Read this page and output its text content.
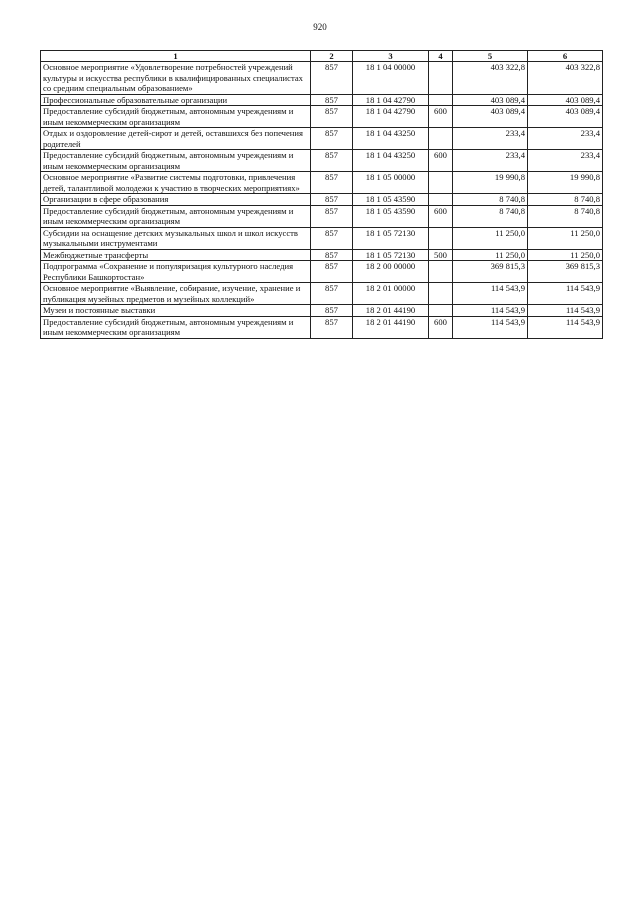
920
1	2	3	4	5	6
Основное мероприятие «Удовлетворение потребностей учреждений культуры и искусства республики в квалифицированных специалистах со средним специальным образованием»	857	18 1 04 00000		403 322,8	403 322,8
Профессиональные образовательные организации	857	18 1 04 42790		403 089,4	403 089,4
Предоставление субсидий бюджетным, автономным учреждениям и иным некоммерческим организациям	857	18 1 04 42790	600	403 089,4	403 089,4
Отдых и оздоровление детей-сирот и детей, оставшихся без попечения родителей	857	18 1 04 43250		233,4	233,4
Предоставление субсидий бюджетным, автономным учреждениям и иным некоммерческим организациям	857	18 1 04 43250	600	233,4	233,4
Основное мероприятие «Развитие системы подготовки, привлечения детей, талантливой молодежи к участию в творческих мероприятиях»	857	18 1 05 00000		19 990,8	19 990,8
Организации в сфере образования	857	18 1 05 43590		8 740,8	8 740,8
Предоставление субсидий бюджетным, автономным учреждениям и иным некоммерческим организациям	857	18 1 05 43590	600	8 740,8	8 740,8
Субсидии на оснащение детских музыкальных школ и школ искусств музыкальными инструментами	857	18 1 05 72130		11 250,0	11 250,0
Межбюджетные трансферты	857	18 1 05 72130	500	11 250,0	11 250,0
Подпрограмма «Сохранение и популяризация культурного наследия Республики Башкортостан»	857	18 2 00 00000		369 815,3	369 815,3
Основное мероприятие «Выявление, собирание, изучение, хранение и публикация музейных предметов и музейных коллекций»	857	18 2 01 00000		114 543,9	114 543,9
Музеи и постоянные выставки	857	18 2 01 44190		114 543,9	114 543,9
Предоставление субсидий бюджетным, автономным учреждениям и иным некоммерческим организациям	857	18 2 01 44190	600	114 543,9	114 543,9
